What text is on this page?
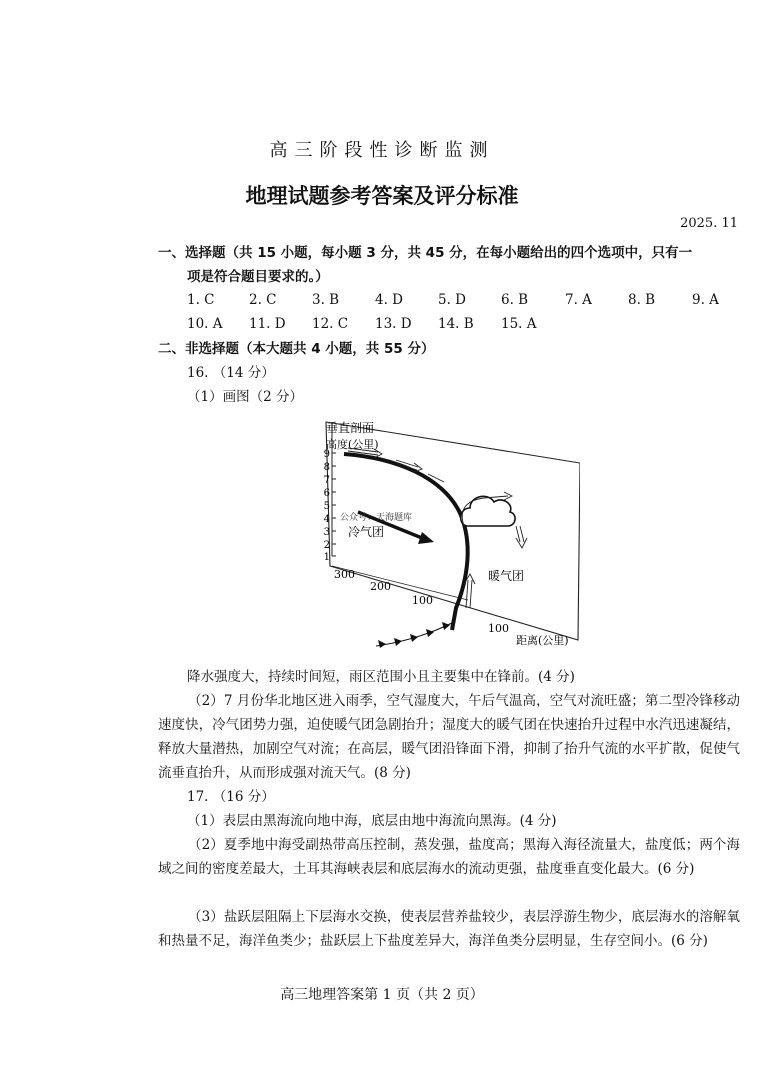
高三阶段性诊断监测
地理试题参考答案及评分标准
2025. 11
一、选择题（共 15 小题，每小题 3 分，共 45 分，在每小题给出的四个选项中，只有一
项是符合题目要求的。）
1. C	2. C	3. B	4. D	5. D	6. B	7. A	8. B	9. A
10. A 11. D 12. C 13. D 14. B 15. A
二、非选择题（本大题共 4 小题，共 55 分）
16. （14 分）
（1）画图（2 分）
垂直剖面
高度(公里)
9
8
7
6
5
4
3
2
1
300
200
100
公众号：天海题库
冷气团
暖气团
100
距离(公里)
降水强度大，持续时间短，雨区范围小且主要集中在锋前。(4 分)
（2）7 月份华北地区进入雨季，空气湿度大，午后气温高，空气对流旺盛；第二型冷锋移动速度快，冷气团势力强，迫使暖气团急剧抬升；湿度大的暖气团在快速抬升过程中水汽迅速凝结，释放大量潜热，加剧空气对流；在高层，暖气团沿锋面下滑，抑制了抬升气流的水平扩散，促使气流垂直抬升，从而形成强对流天气。(8 分)
17. （16 分）
（1）表层由黑海流向地中海，底层由地中海流向黑海。(4 分)
（2）夏季地中海受副热带高压控制，蒸发强，盐度高；黑海入海径流量大，盐度低；两个海域之间的密度差最大，土耳其海峡表层和底层海水的流动更强，盐度垂直变化最大。(6 分)
（3）盐跃层阻隔上下层海水交换，使表层营养盐较少，表层浮游生物少，底层海水的溶解氧和热量不足，海洋鱼类少；盐跃层上下盐度差异大，海洋鱼类分层明显，生存空间小。(6 分)
高三地理答案第 1 页（共 2 页）
